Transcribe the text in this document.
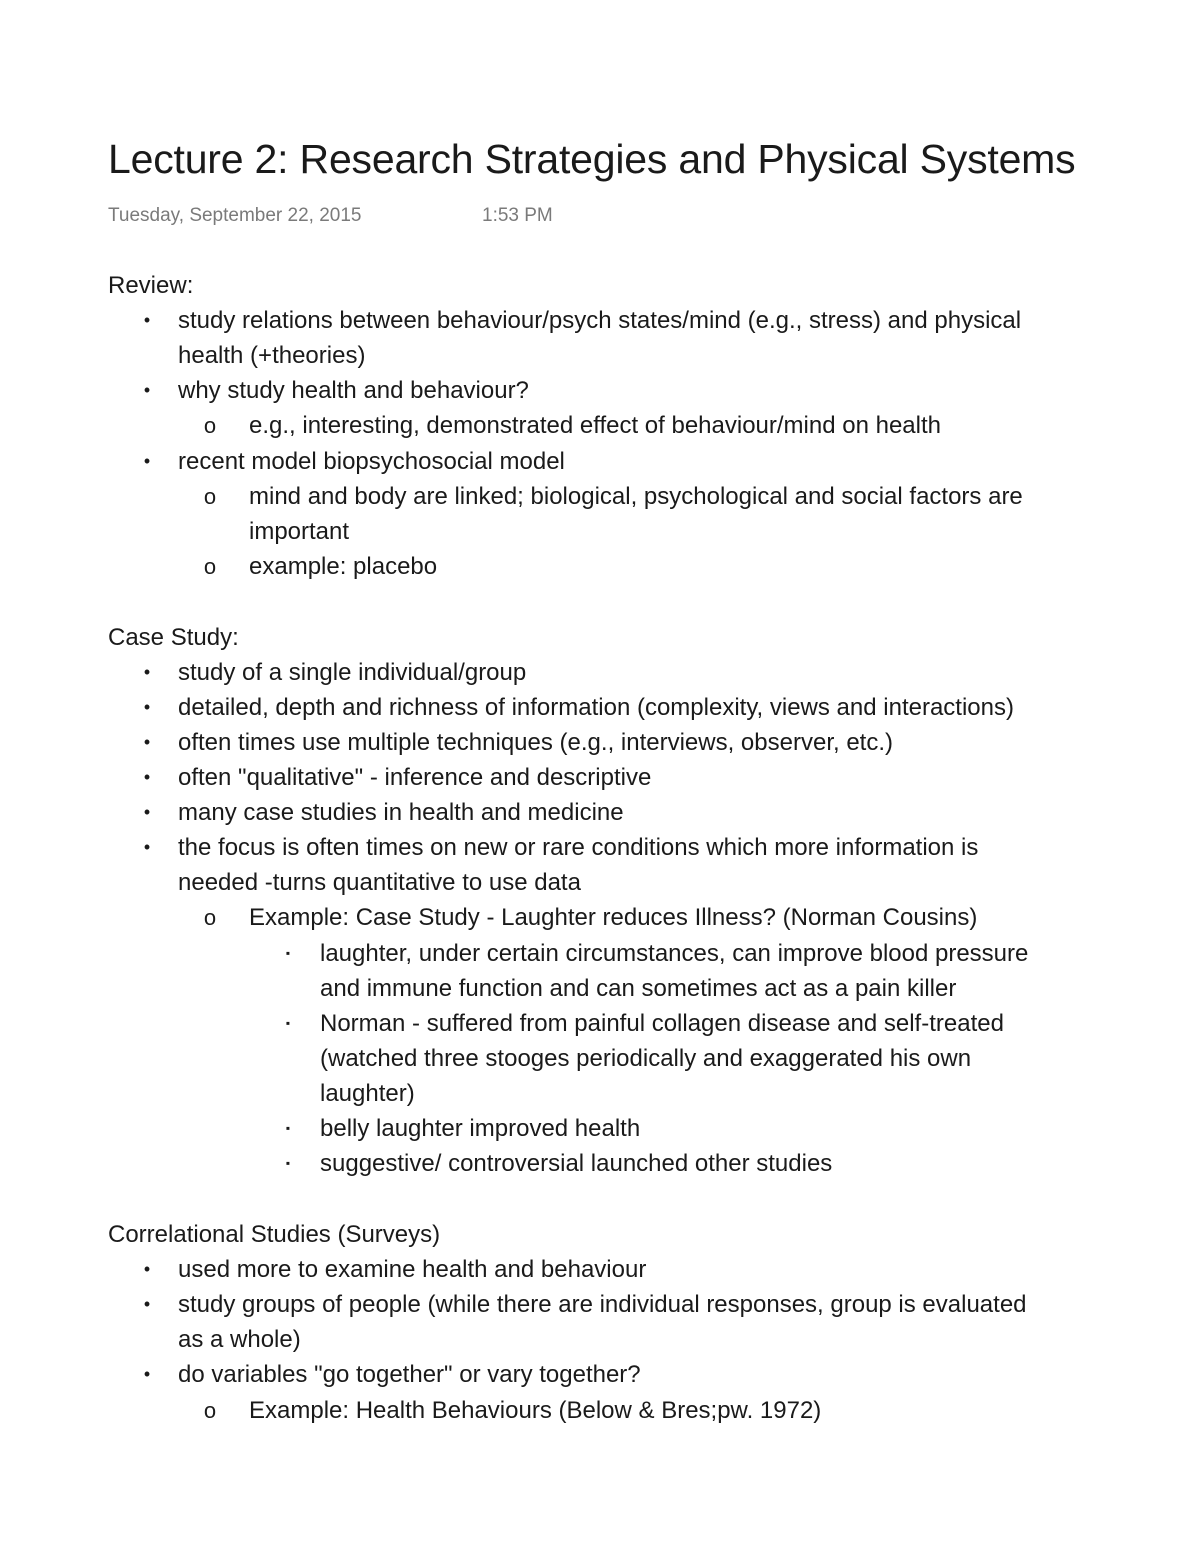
Lecture 2: Research Strategies and Physical Systems
Tuesday, September 22, 2015	1:53 PM
Review:
• study relations between behaviour/psych states/mind (e.g., stress) and physical
health (+theories)
• why study health and behaviour?
o e.g., interesting, demonstrated effect of behaviour/mind on health
• recent model biopsychosocial model
o mind and body are linked; biological, psychological and social factors are
important
o example: placebo
Case Study:
• study of a single individual/group
• detailed, depth and richness of information (complexity, views and interactions)
• often times use multiple techniques (e.g., interviews, observer, etc.)
• often "qualitative" - inference and descriptive
• many case studies in health and medicine
• the focus is often times on new or rare conditions which more information is
needed -turns quantitative to use data
o Example: Case Study - Laughter reduces Illness? (Norman Cousins)
▪	laughter, under certain circumstances, can improve blood pressure
and immune function and can sometimes act as a pain killer
▪	Norman - suffered from painful collagen disease and self-treated
(watched three stooges periodically and exaggerated his own
laughter)
▪	belly laughter improved health
▪	suggestive/ controversial launched other studies
Correlational Studies (Surveys)
• used more to examine health and behaviour
• study groups of people (while there are individual responses, group is evaluated
as a whole)
• do variables "go together" or vary together?
o Example: Health Behaviours (Below & Bres;pw. 1972)
